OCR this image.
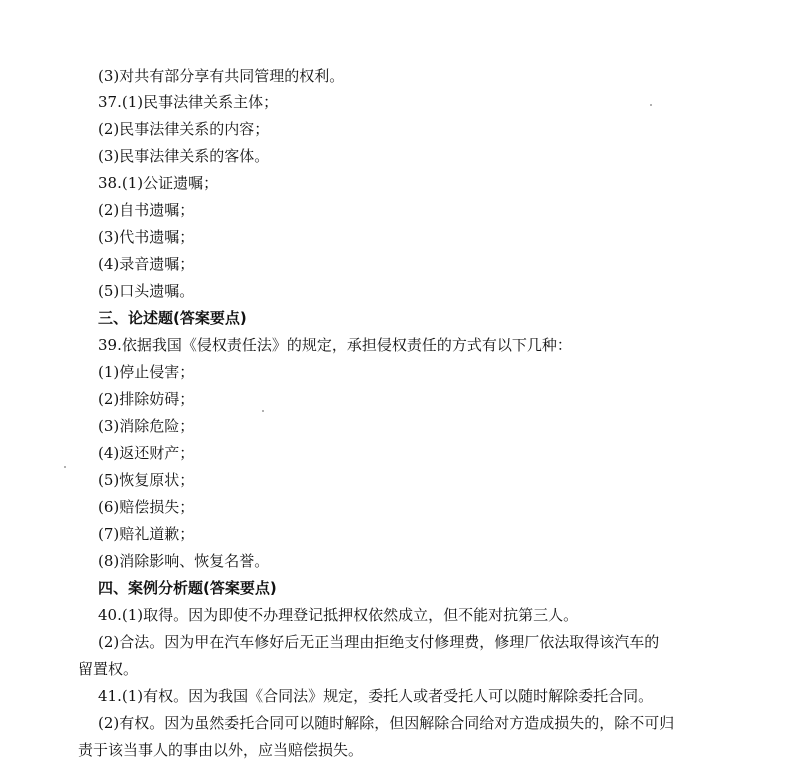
(3)对共有部分享有共同管理的权利。
37.(1)民事法律关系主体；
(2)民事法律关系的内容；
(3)民事法律关系的客体。
38.(1)公证遗嘱；
(2)自书遗嘱；
(3)代书遗嘱；
(4)录音遗嘱；
(5)口头遗嘱。
三、论述题(答案要点)
39.依据我国《侵权责任法》的规定，承担侵权责任的方式有以下几种：
(1)停止侵害；
(2)排除妨碍；
(3)消除危险；
(4)返还财产；
(5)恢复原状；
(6)赔偿损失；
(7)赔礼道歉；
(8)消除影响、恢复名誉。
四、案例分析题(答案要点)
40.(1)取得。因为即使不办理登记抵押权依然成立，但不能对抗第三人。
(2)合法。因为甲在汽车修好后无正当理由拒绝支付修理费，修理厂依法取得该汽车的
留置权。
41.(1)有权。因为我国《合同法》规定，委托人或者受托人可以随时解除委托合同。
(2)有权。因为虽然委托合同可以随时解除，但因解除合同给对方造成损失的，除不可归
责于该当事人的事由以外，应当赔偿损失。
